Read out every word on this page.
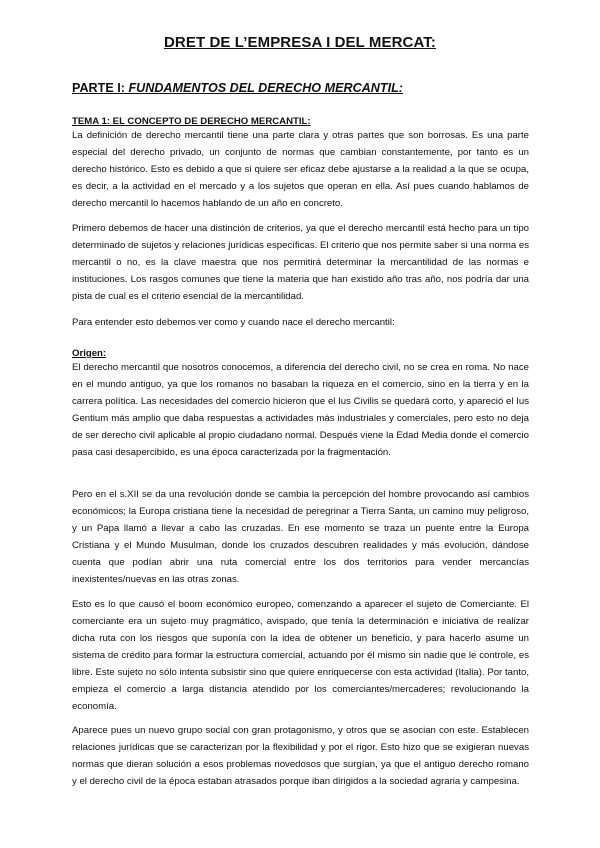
DRET DE L’EMPRESA I DEL MERCAT:
PARTE I: FUNDAMENTOS DEL DERECHO MERCANTIL:
TEMA 1: EL CONCEPTO DE DERECHO MERCANTIL:

La definición de derecho mercantil tiene una parte clara y otras partes que son borrosas. Es una parte especial del derecho privado, un conjunto de normas que cambian constantemente, por tanto es un derecho histórico. Esto es debido a que si quiere ser eficaz debe ajustarse a la realidad a la que se ocupa, es decir, a la actividad en el mercado y a los sujetos que operan en ella. Así pues cuando hablamos de derecho mercantil lo hacemos hablando de un año en concreto.

Primero debemos de hacer una distinción de criterios, ya que el derecho mercantil está hecho para un tipo determinado de sujetos y relaciones jurídicas específicas. El criterio que nos permite saber si una norma es mercantil o no, es la clave maestra que nos permitirá determinar la mercantilidad de las normas e instituciones. Los rasgos comunes que tiene la materia que han existido año tras año, nos podría dar una pista de cual es el criterio esencial de la mercantilidad.

Para entender esto debemos ver como y cuando nace el derecho mercantil:

Origen:

El derecho mercantil que nosotros conocemos, a diferencia del derecho civil, no se crea en roma. No nace en el mundo antiguo, ya que los romanos no basaban la riqueza en el comercio, sino en la tierra y en la carrera política. Las necesidades del comercio hicieron que el Ius Civilis se quedará corto, y apareció el Ius Gentium más amplio que daba respuestas a actividades más industriales y comerciales, pero esto no deja de ser derecho civil aplicable al propio ciudadano normal. Después viene la Edad Media donde el comercio pasa casi desapercibido, es una época caracterizada por la fragmentación.

Pero en el s.XII se da una revolución donde se cambia la percepción del hombre provocando así cambios económicos; la Europa cristiana tiene la necesidad de peregrinar a Tierra Santa, un camino muy peligroso, y un Papa llamó a llevar a cabo las cruzadas. En ese momento se traza un puente entre la Europa Cristiana y el Mundo Musulman, donde los cruzados descubren realidades y más evolución, dándose cuenta que podían abrir una ruta comercial entre los dos territorios para vender mercancías inexistentes/nuevas en las otras zonas.

Esto es lo que causó el boom económico europeo, comenzando a aparecer el sujeto de Comerciante. El comerciante era un sujeto muy pragmático, avispado, que tenía la determinación e iniciativa de realizar dicha ruta con los riesgos que suponía con la idea de obtener un beneficio, y para hacerlo asume un sistema de crédito para formar la estructura comercial, actuando por él mismo sin nadie que le controle, es libre. Este sujeto no sólo intenta subsistir sino que quiere enriquecerse con esta actividad (Italia). Por tanto, empieza el comercio a larga distancia atendido por los comerciantes/mercaderes; revolucionando la economía.

Aparece pues un nuevo grupo social con gran protagonismo, y otros que se asocian con este. Establecen relaciones jurídicas que se caracterizan por la flexibilidad y por el rigor. Esto hizo que se exigieran nuevas normas que dieran solución a esos problemas novedosos que surgían, ya que el antiguo derecho romano y el derecho civil de la época estaban atrasados porque iban dirigidos a la sociedad agraria y campesina.
